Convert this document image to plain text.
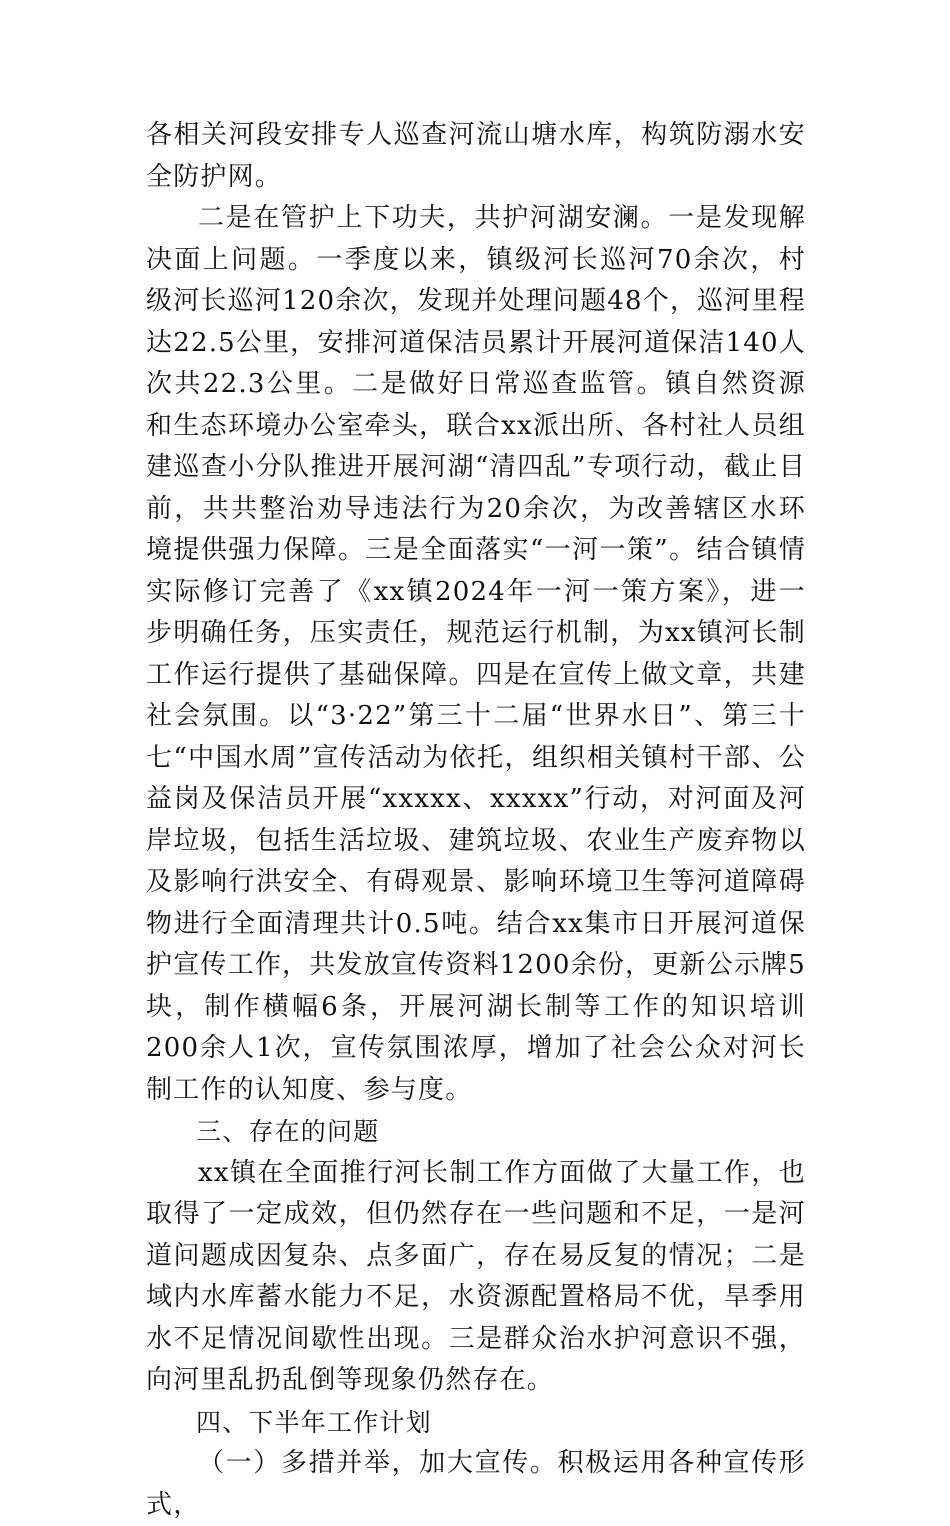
各相关河段安排专人巡查河流山塘水库，构筑防溺水安全防护网。

二是在管护上下功夫，共护河湖安澜。一是发现解决面上问题。一季度以来，镇级河长巡河70余次，村级河长巡河120余次，发现并处理问题48个，巡河里程达22.5公里，安排河道保洁员累计开展河道保洁140人次共22.3公里。二是做好日常巡查监管。镇自然资源和生态环境办公室牵头，联合xx派出所、各村社人员组建巡查小分队推进开展河湖“清四乱”专项行动，截止目前，共共整治劝导违法行为20余次，为改善辖区水环境提供强力保障。三是全面落实“一河一策”。结合镇情实际修订完善了《xx镇2024年一河一策方案》，进一步明确任务，压实责任，规范运行机制，为xx镇河长制工作运行提供了基础保障。四是在宣传上做文章，共建社会氛围。以“3·22”第三十二届“世界水日”、第三十七“中国水周”宣传活动为依托，组织相关镇村干部、公益岗及保洁员开展“xxxxx、xxxxx”行动，对河面及河岸垃圾，包括生活垃圾、建筑垃圾、农业生产废弃物以及影响行洪安全、有碍观景、影响环境卫生等河道障碍物进行全面清理共计0.5吨。结合xx集市日开展河道保护宣传工作，共发放宣传资料1200余份，更新公示牌5块，制作横幅6条，开展河湖长制等工作的知识培训200余人1次，宣传氛围浓厚，增加了社会公众对河长制工作的认知度、参与度。

三、存在的问题

xx镇在全面推行河长制工作方面做了大量工作，也取得了一定成效，但仍然存在一些问题和不足，一是河道问题成因复杂、点多面广，存在易反复的情况；二是域内水库蓄水能力不足，水资源配置格局不优，旱季用水不足情况间歇性出现。三是群众治水护河意识不强，向河里乱扔乱倒等现象仍然存在。

四、下半年工作计划

（一）多措并举，加大宣传。积极运用各种宣传形式，
